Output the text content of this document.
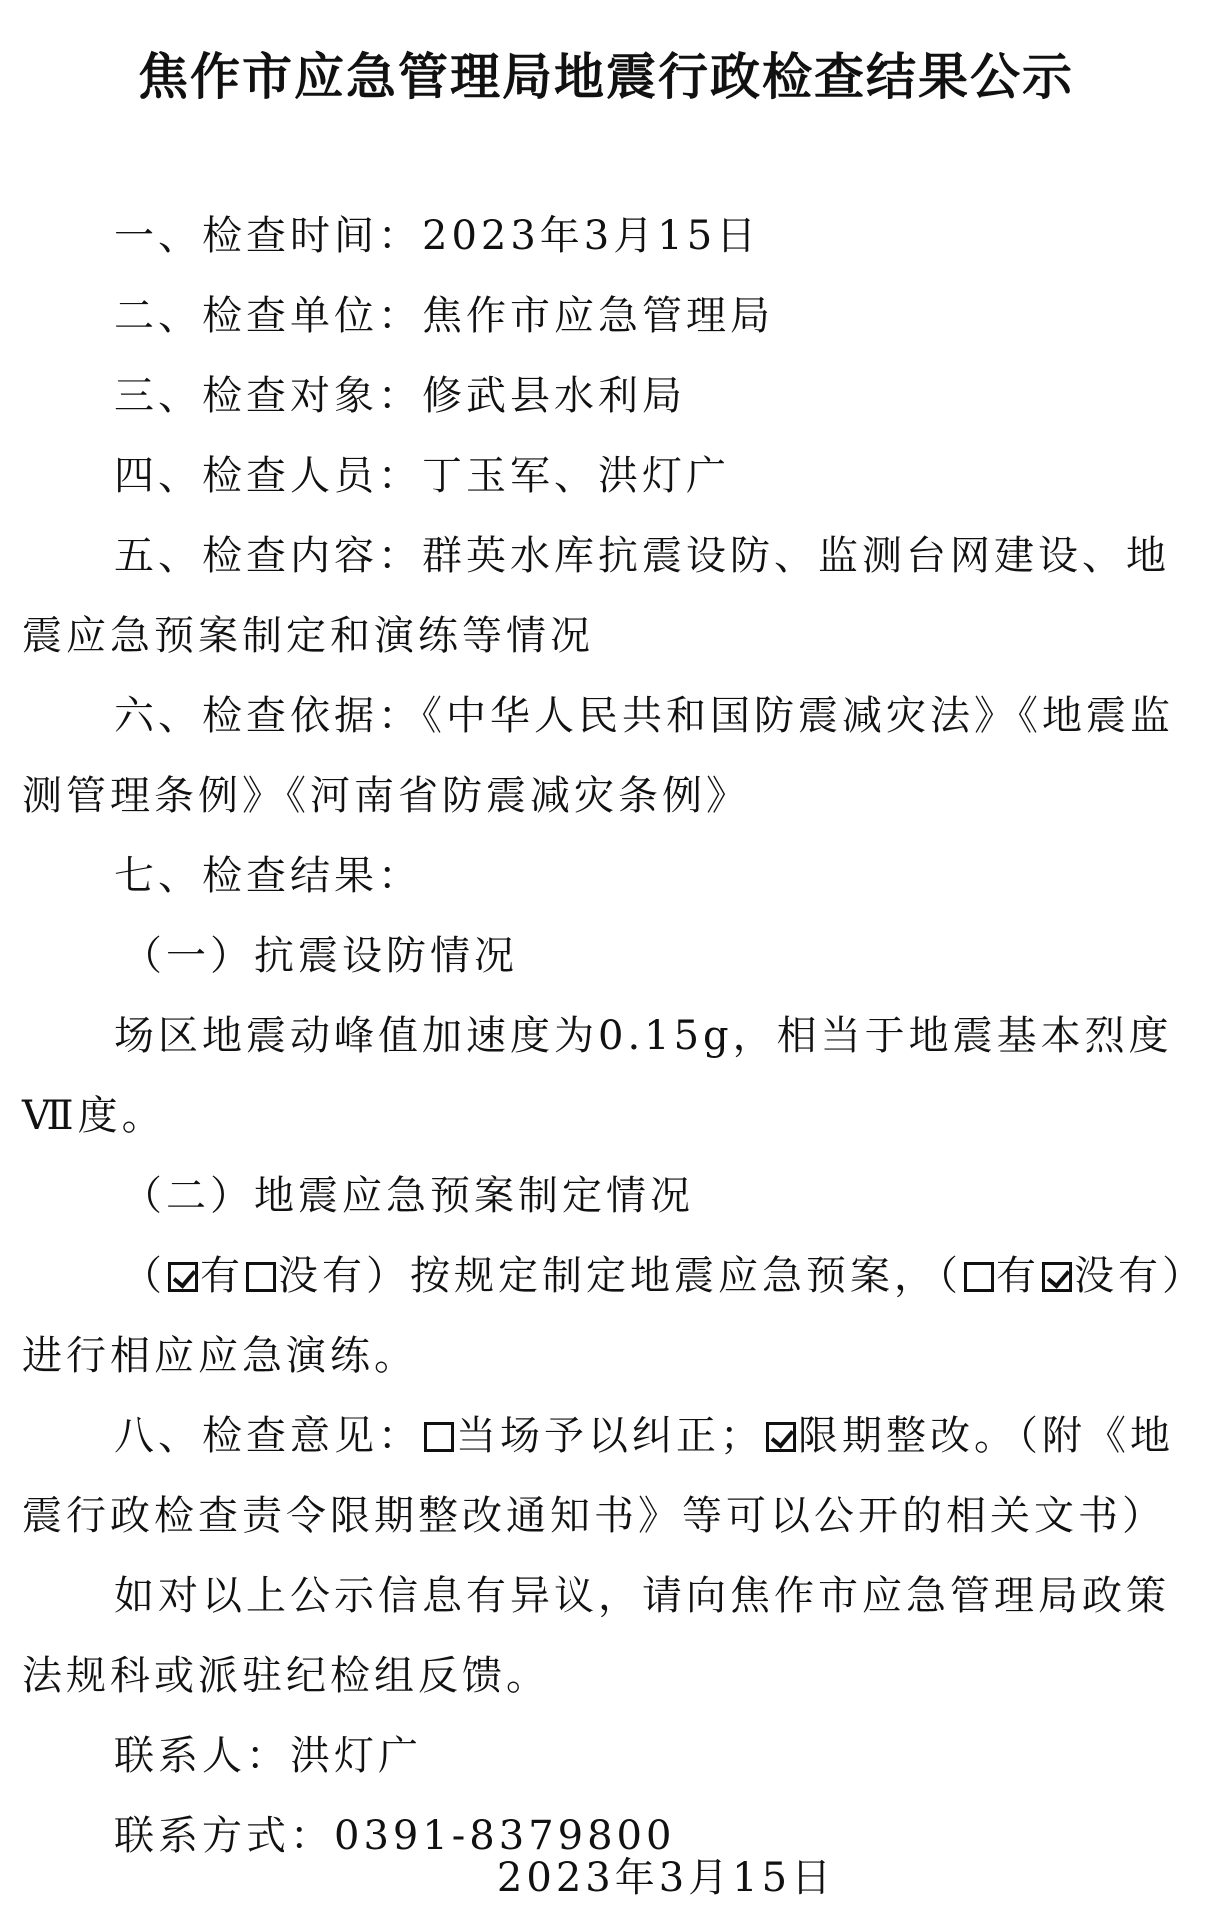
焦作市应急管理局地震行政检查结果公示

一、检查时间：2023年3月15日

二、检查单位：焦作市应急管理局

三、检查对象：修武县水利局

四、检查人员：丁玉军、洪灯广

五、检查内容：群英水库抗震设防、监测台网建设、地震应急预案制定和演练等情况

六、检查依据：《中华人民共和国防震减灾法》《地震监测管理条例》《河南省防震减灾条例》

七、检查结果：

（一）抗震设防情况

场区地震动峰值加速度为0.15g，相当于地震基本烈度Ⅶ度。

（二）地震应急预案制定情况

（ 有 没有）按规定制定地震应急预案，（ 有 没有）进行相应应急演练。

八、检查意见： 当场予以纠正； 限期整改。（附《地震行政检查责令限期整改通知书》等可以公开的相关文书）

如对以上公示信息有异议，请向焦作市应急管理局政策法规科或派驻纪检组反馈。

联系人：洪灯广

联系方式：0391-8379800

2023年3月15日
